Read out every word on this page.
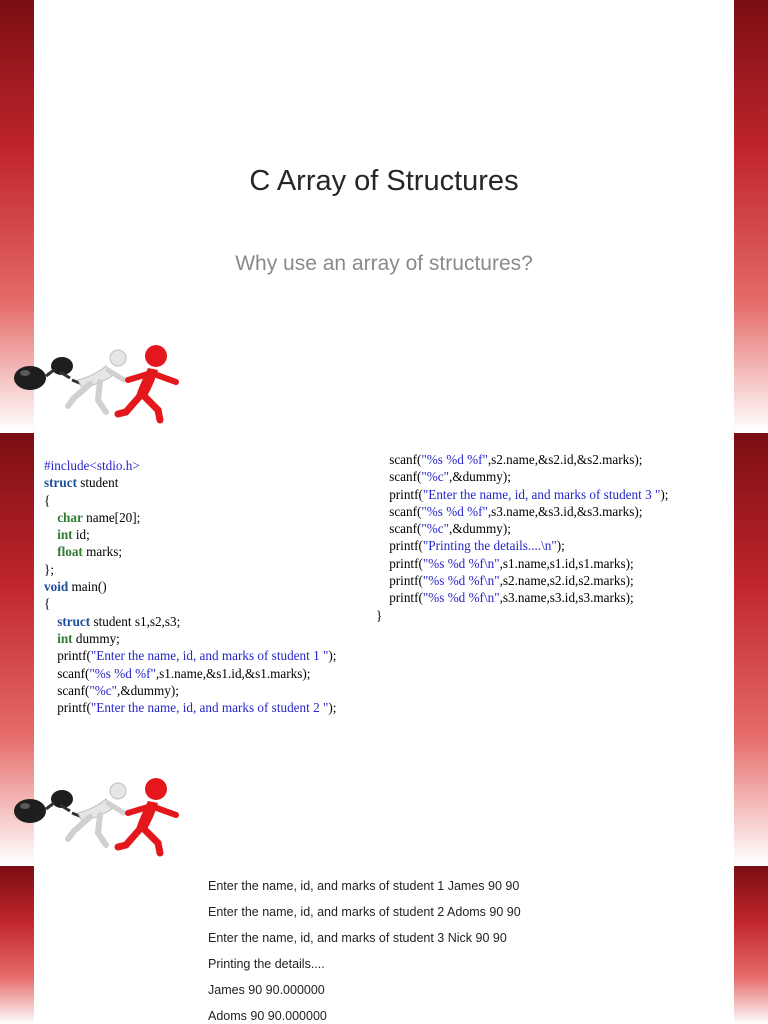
C Array of Structures
Why use an array of structures?
#include<stdio.h>
struct student
{
char name[20];
int id;
float marks;
};
void main()
{
struct student s1,s2,s3;
int dummy;
printf("Enter the name, id, and marks of student 1 ");
scanf("%s %d %f",s1.name,&s1.id,&s1.marks);
scanf("%c",&dummy);
printf("Enter the name, id, and marks of student 2 ");
scanf("%s %d %f",s2.name,&s2.id,&s2.marks);
scanf("%c",&dummy);
printf("Enter the name, id, and marks of student 3 ");
scanf("%s %d %f",s3.name,&s3.id,&s3.marks);
scanf("%c",&dummy);
printf("Printing the details....\n");
printf("%s %d %f\n",s1.name,s1.id,s1.marks);
printf("%s %d %f\n",s2.name,s2.id,s2.marks);
printf("%s %d %f\n",s3.name,s3.id,s3.marks);
}
Enter the name, id, and marks of student 1 James 90 90
Enter the name, id, and marks of student 2 Adoms 90 90
Enter the name, id, and marks of student 3 Nick 90 90
Printing the details....
James 90 90.000000
Adoms 90 90.000000
